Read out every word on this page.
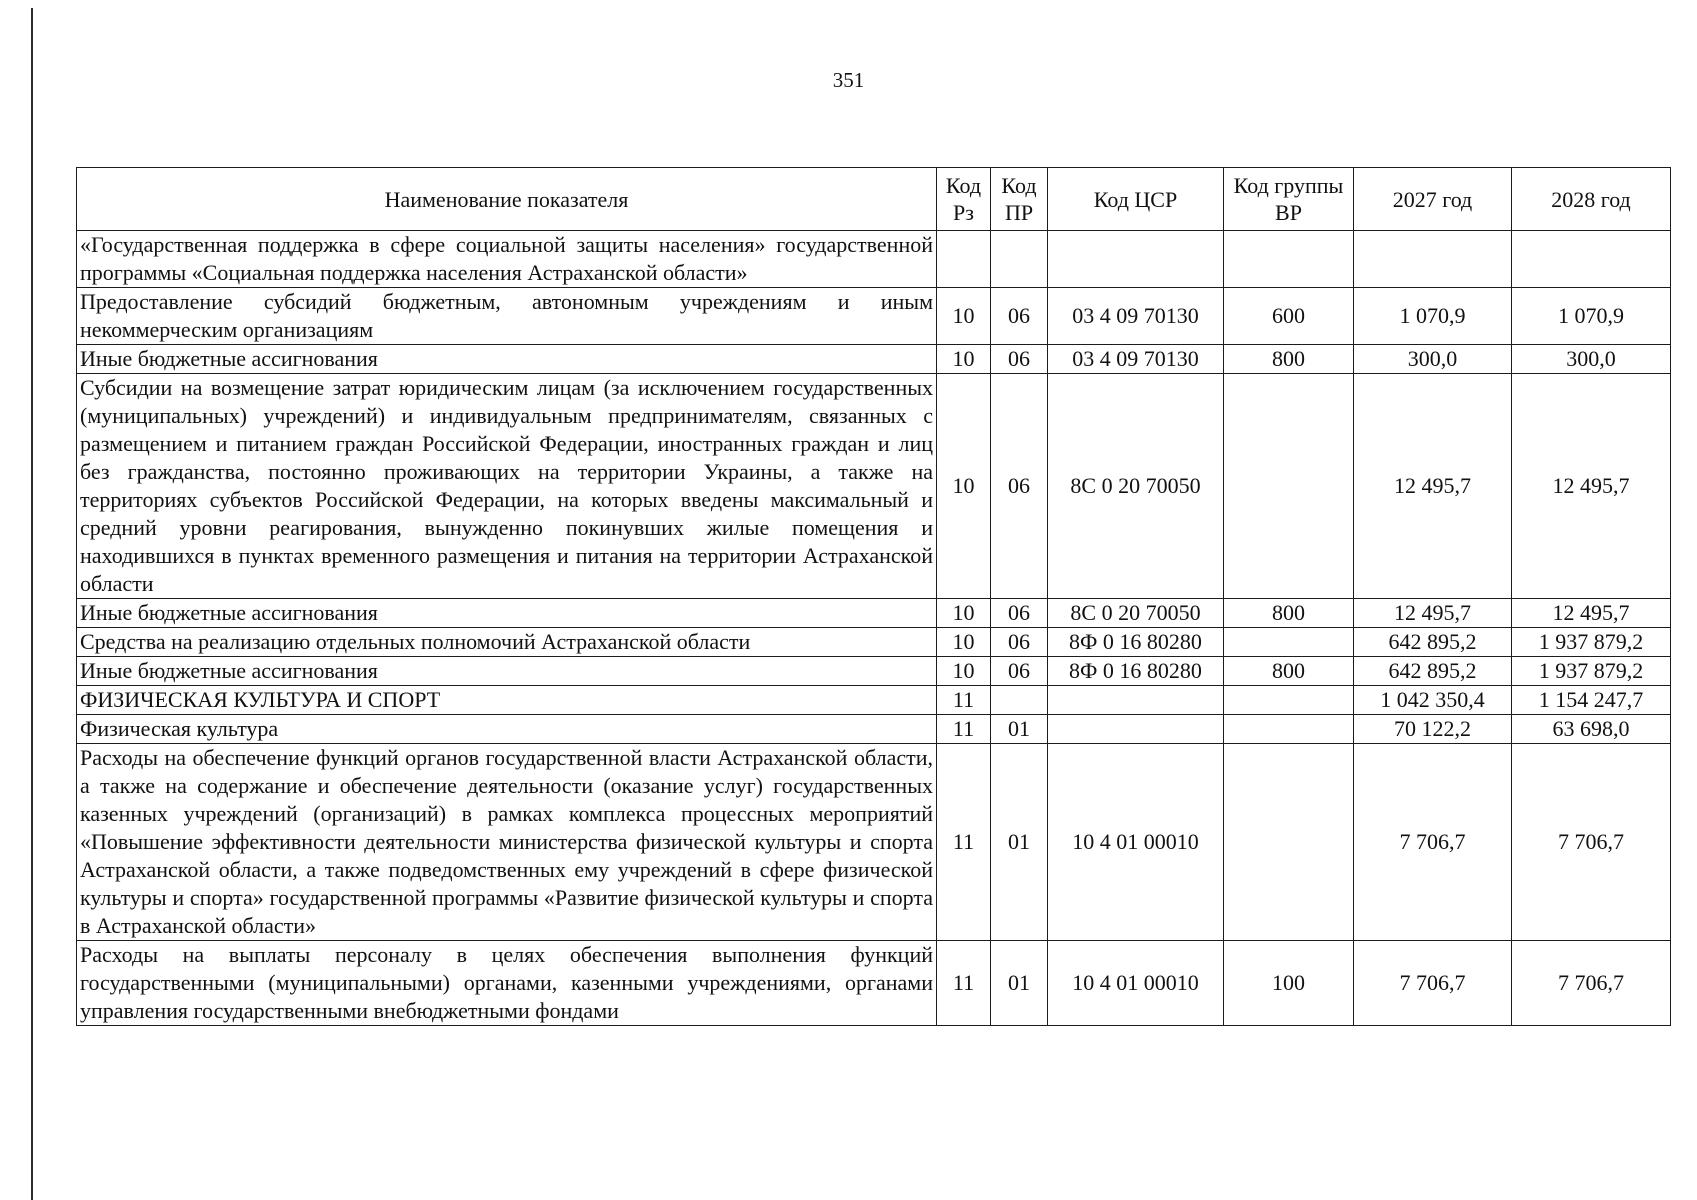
351
Наименование показателя	Код Рз	Код ПР	Код ЦСР	Код группы ВР	2027 год	2028 год
«Государственная поддержка в сфере социальной защиты населения» государственной программы «Социальная поддержка населения Астраханской области»						
Предоставление субсидий бюджетным, автономным учреждениям и иным некоммерческим организациям	10	06	03 4 09 70130	600	1 070,9	1 070,9
Иные бюджетные ассигнования	10	06	03 4 09 70130	800	300,0	300,0
Субсидии на возмещение затрат юридическим лицам (за исключением государственных (муниципальных) учреждений) и индивидуальным предпринимателям, связанных с размещением и питанием граждан Российской Федерации, иностранных граждан и лиц без гражданства, постоянно проживающих на территории Украины, а также на территориях субъектов Российской Федерации, на которых введены максимальный и средний уровни реагирования, вынужденно покинувших жилые помещения и находившихся в пунктах временного размещения и питания на территории Астраханской области	10	06	8С 0 20 70050		12 495,7	12 495,7
Иные бюджетные ассигнования	10	06	8С 0 20 70050	800	12 495,7	12 495,7
Средства на реализацию отдельных полномочий Астраханской области	10	06	8Ф 0 16 80280		642 895,2	1 937 879,2
Иные бюджетные ассигнования	10	06	8Ф 0 16 80280	800	642 895,2	1 937 879,2
ФИЗИЧЕСКАЯ КУЛЬТУРА И СПОРТ	11				1 042 350,4	1 154 247,7
Физическая культура	11	01			70 122,2	63 698,0
Расходы на обеспечение функций органов государственной власти Астраханской области, а также на содержание и обеспечение деятельности (оказание услуг) государственных казенных учреждений (организаций) в рамках комплекса процессных мероприятий «Повышение эффективности деятельности министерства физической культуры и спорта Астраханской области, а также подведомственных ему учреждений в сфере физической культуры и спорта» государственной программы «Развитие физической культуры и спорта в Астраханской области»	11	01	10 4 01 00010		7 706,7	7 706,7
Расходы на выплаты персоналу в целях обеспечения выполнения функций государственными (муниципальными) органами, казенными учреждениями, органами управления государственными внебюджетными фондами	11	01	10 4 01 00010	100	7 706,7	7 706,7
